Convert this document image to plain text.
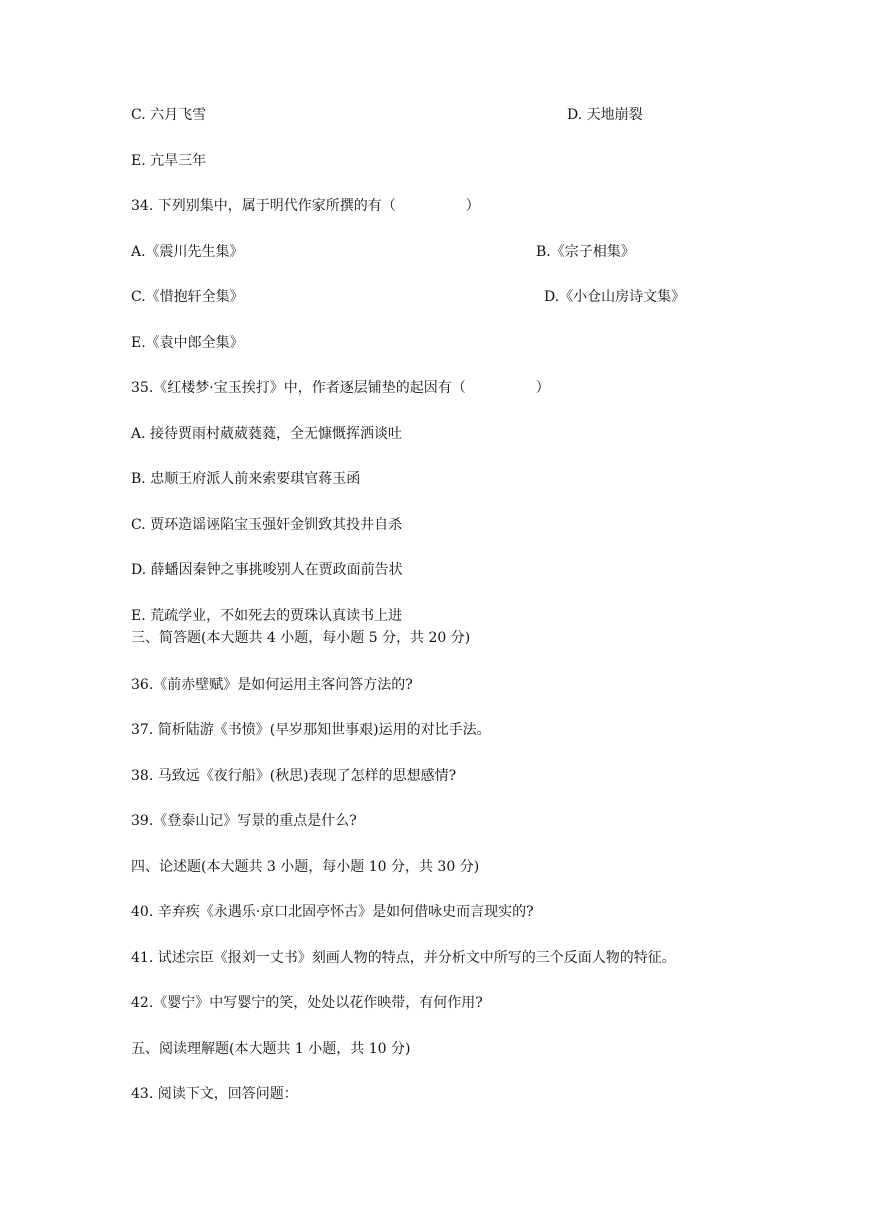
C. 六月飞雪	D. 天地崩裂
E. 亢旱三年
34. 下列别集中，属于明代作家所撰的有（　　　　　）
A.《震川先生集》	B.《宗子相集》
C.《惜抱轩全集》	D.《小仓山房诗文集》
E.《袁中郎全集》
35.《红楼梦·宝玉挨打》中，作者逐层铺垫的起因有（　　　　　）
A. 接待贾雨村葳葳蕤蕤，全无慷慨挥洒谈吐
B. 忠顺王府派人前来索要琪官蒋玉函
C. 贾环造谣诬陷宝玉强奸金钏致其投井自杀
D. 薛蟠因秦钟之事挑唆别人在贾政面前告状
E. 荒疏学业，不如死去的贾珠认真读书上进
三、简答题(本大题共 4 小题，每小题 5 分，共 20 分)
36.《前赤壁赋》是如何运用主客问答方法的?
37. 简析陆游《书愤》(早岁那知世事艰)运用的对比手法。
38. 马致远《夜行船》(秋思)表现了怎样的思想感情?
39.《登泰山记》写景的重点是什么?
四、论述题(本大题共 3 小题，每小题 10 分，共 30 分)
40. 辛弃疾《永遇乐·京口北固亭怀古》是如何借咏史而言现实的?
41. 试述宗臣《报刘一丈书》刻画人物的特点，并分析文中所写的三个反面人物的特征。
42.《婴宁》中写婴宁的笑，处处以花作映带，有何作用?
五、阅读理解题(本大题共 1 小题，共 10 分)
43. 阅读下文，回答问题：
